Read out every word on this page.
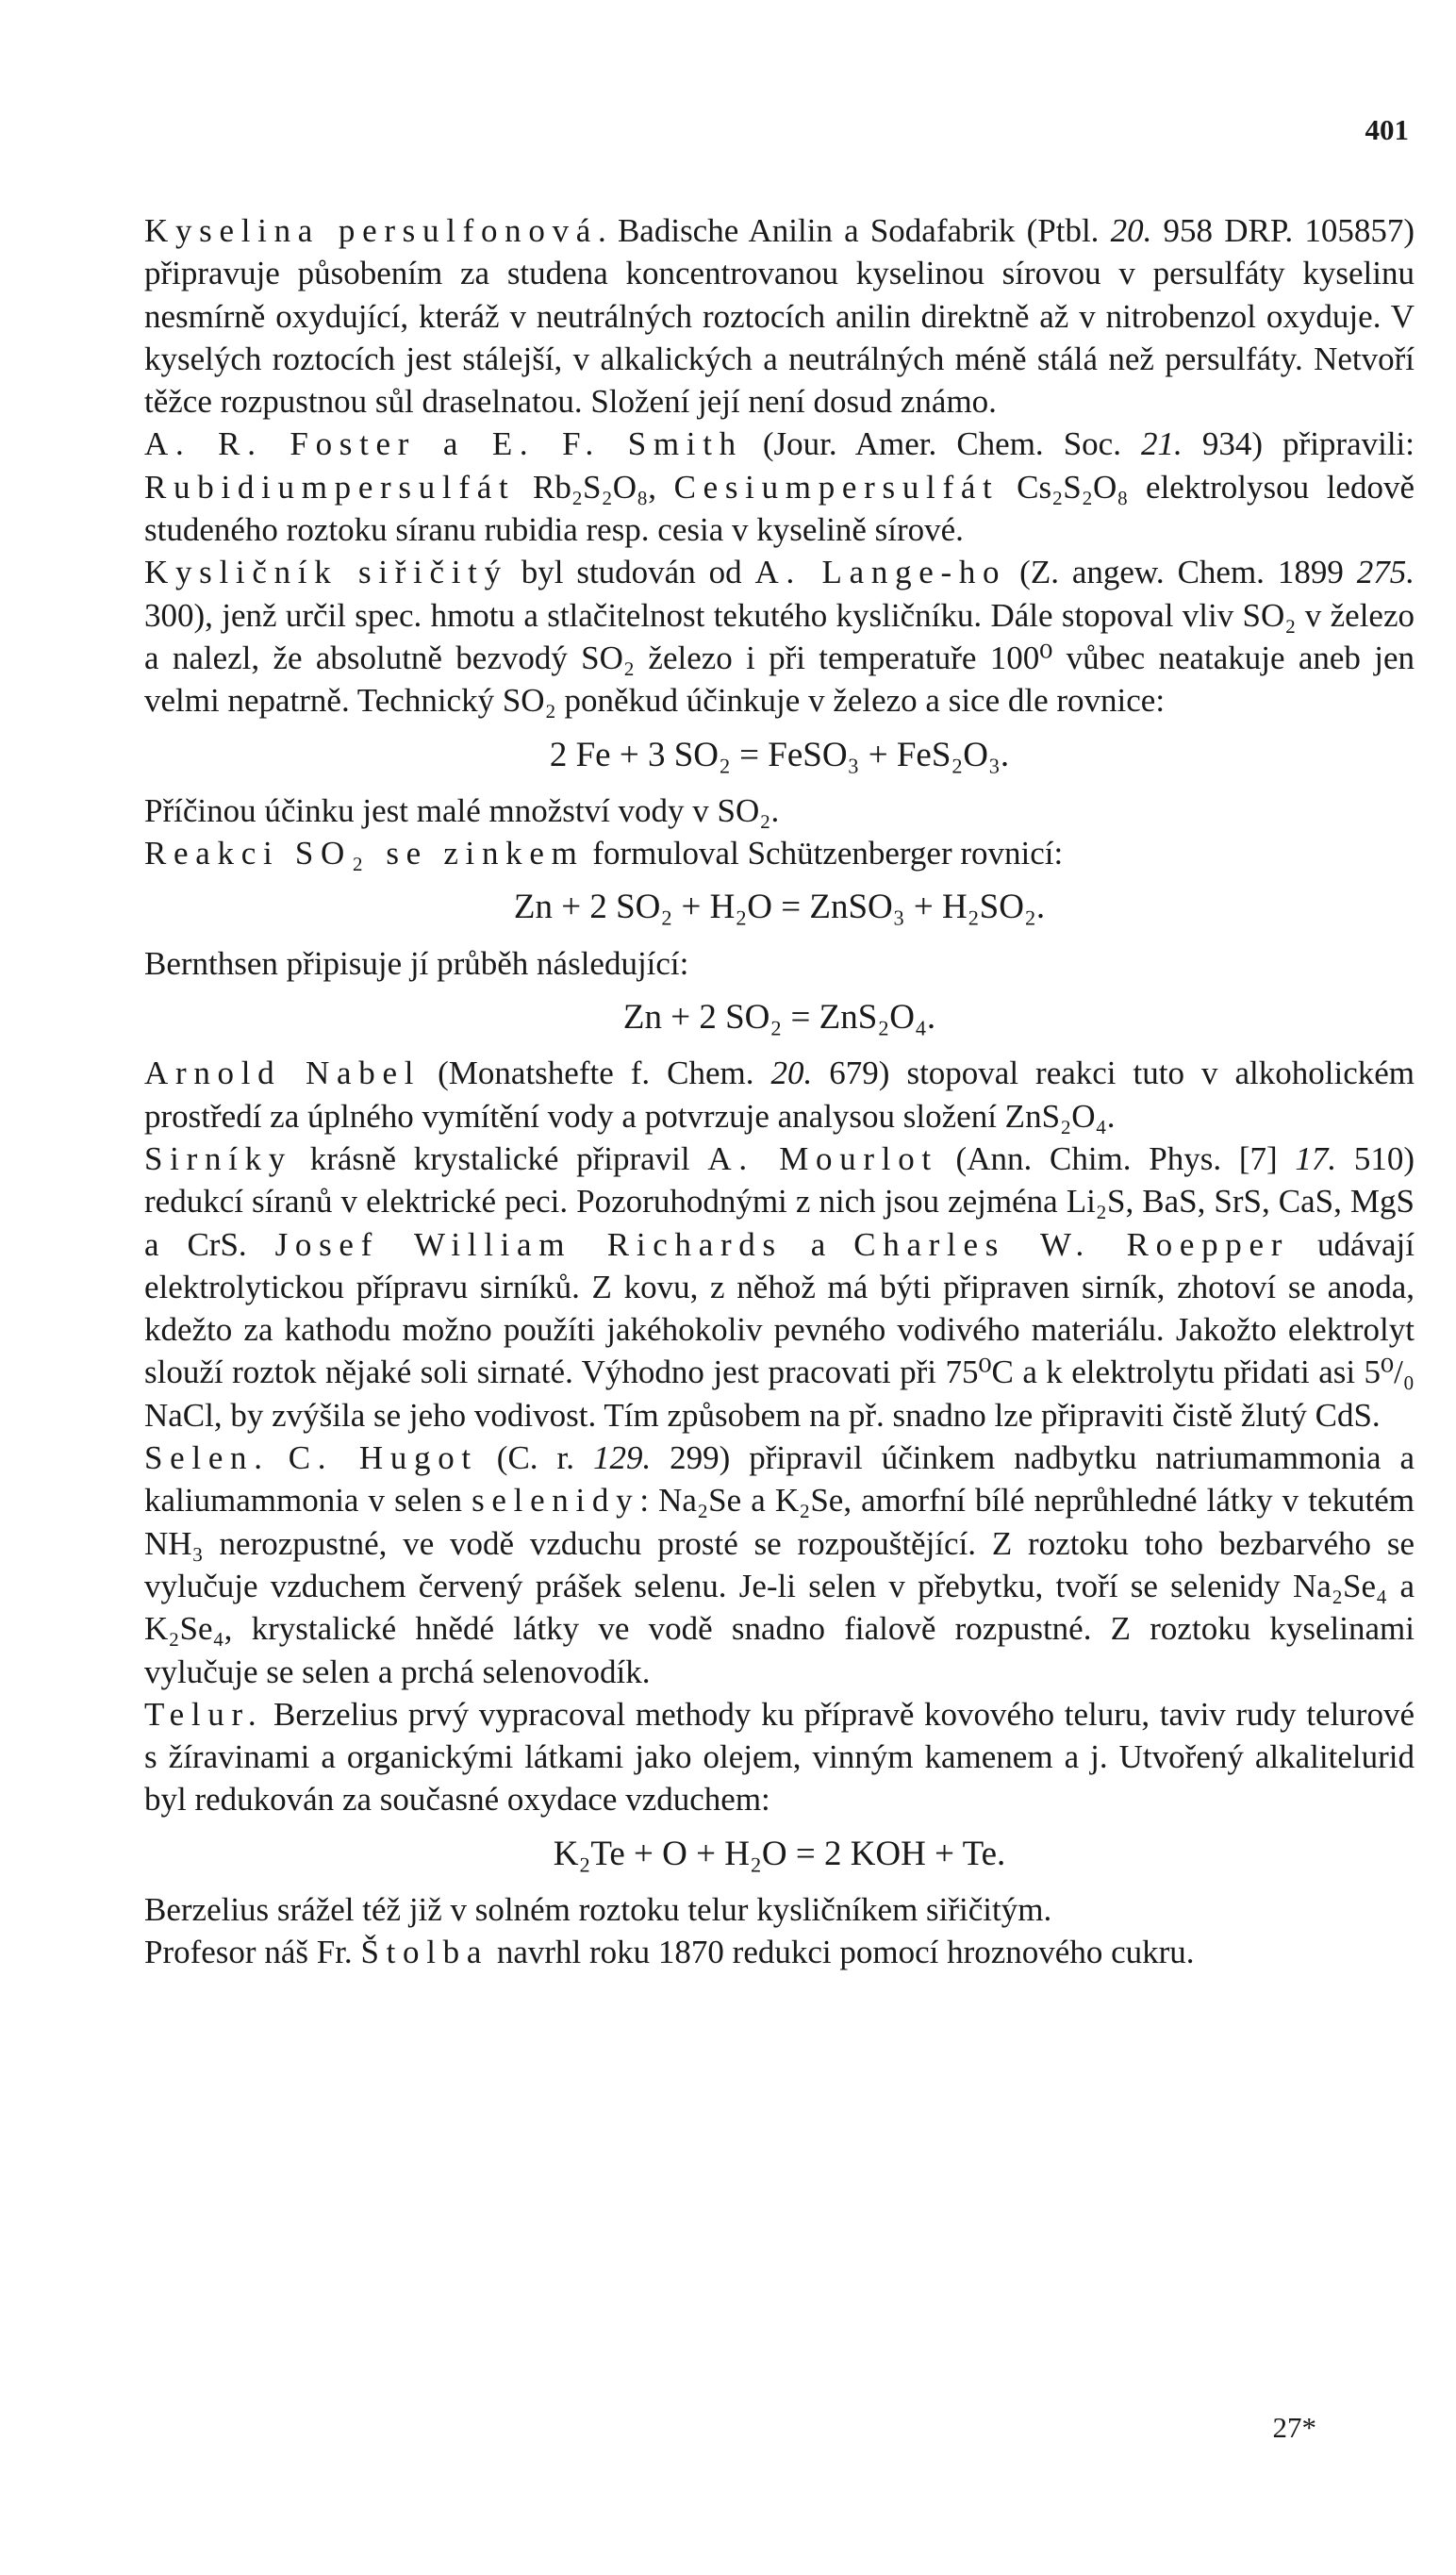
401

Kyselina persulfonová. Badische Anilin a Sodafabrik (Ptbl. 20. 958 DRP. 105857) připravuje působením za studena koncentrovanou kyselinou sírovou v persulfáty kyselinu nesmírně oxydující, kteráž v neutrálných roztocích anilin direktně až v nitrobenzol oxyduje. V kyselých roztocích jest stálejší, v alkalických a neutrálných méně stálá než persulfáty. Netvoří těžce rozpustnou sůl draselnatou. Složení její není dosud známo.

A. R. Foster a E. F. Smith (Jour. Amer. Chem. Soc. 21. 934) připravili: Rubidiumpersulfát Rb₂S₂O₈, Cesiumpersulfát Cs₂S₂O₈ elektrolysou ledově studeného roztoku síranu rubidia resp. cesia v kyselině sírové.

Kysličník siřičitý byl studován od A. Lange-ho (Z. angew. Chem. 1899 275. 300), jenž určil spec. hmotu a stlačitelnost tekutého kysličníku. Dále stopoval vliv SO₂ v železo a nalezl, že absolutně bezvodý SO₂ železo i při temperatuře 100⁰ vůbec neatakuje aneb jen velmi nepatrně. Technický SO₂ poněkud účinkuje v železo a sice dle rovnice:

2 Fe + 3 SO₂ = FeSO₃ + FeS₂O₃.

Příčinou účinku jest malé množství vody v SO₂.

Reakci SO₂ se zinkem formuloval Schützenberger rovnicí:

Zn + 2 SO₂ + H₂O = ZnSO₃ + H₂SO₂.

Bernthsen připisuje jí průběh následující:

Zn + 2 SO₂ = ZnS₂O₄.

Arnold Nabel (Monatshefte f. Chem. 20. 679) stopoval reakci tuto v alkoholickém prostředí za úplného vymítění vody a potvrzuje analysou složení ZnS₂O₄.

Sirníky krásně krystalické připravil A. Mourlot (Ann. Chim. Phys. [7] 17. 510) redukcí síranů v elektrické peci. Pozoruhodnými z nich jsou zejména Li₂S, BaS, SrS, CaS, MgS a CrS. Josef William Richards a Charles W. Roepper udávají elektrolytickou přípravu sirníků. Z kovu, z něhož má býti připraven sirník, zhotoví se anoda, kdežto za kathodu možno použíti jakéhokoliv pevného vodivého materiálu. Jakožto elektrolyt slouží roztok nějaké soli sirnaté. Výhodno jest pracovati při 75⁰C a k elektrolytu přidati asi 5⁰/₀ NaCl, by zvýšila se jeho vodivost. Tím způsobem na př. snadno lze připraviti čistě žlutý CdS.

Selen. C. Hugot (C. r. 129. 299) připravil účinkem nadbytku natriumammonia a kaliumammonia v selen selenidy: Na₂Se a K₂Se, amorfní bílé neprůhledné látky v tekutém NH₃ nerozpustné, ve vodě vzduchu prosté se rozpouštějící. Z roztoku toho bezbarvého se vylučuje vzduchem červený prášek selenu. Je-li selen v přebytku, tvoří se selenidy Na₂Se₄ a K₂Se₄, krystalické hnědé látky ve vodě snadno fialově rozpustné. Z roztoku kyselinami vylučuje se selen a prchá selenovodík.

Telur. Berzelius prvý vypracoval methody ku přípravě kovového teluru, taviv rudy telurové s žíravinami a organickými látkami jako olejem, vinným kamenem a j. Utvořený alkalitelurid byl redukován za současné oxydace vzduchem:

K₂Te + O + H₂O = 2 KOH + Te.

Berzelius srážel též již v solném roztoku telur kysličníkem siřičitým.

Profesor náš Fr. Štolba navrhl roku 1870 redukci pomocí hroznového cukru.

27*
